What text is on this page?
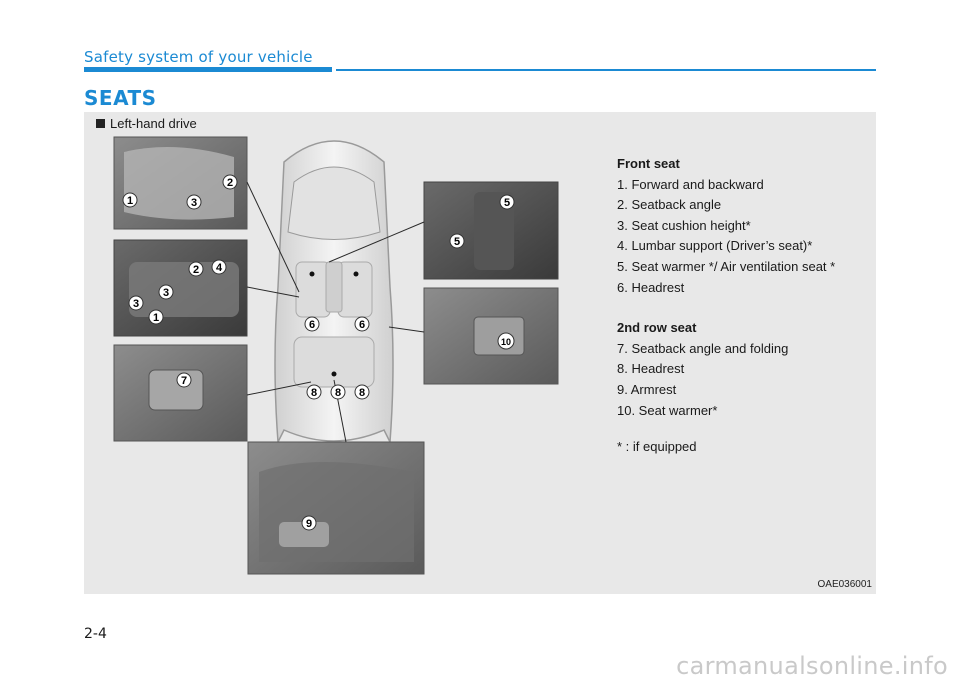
Safety system of your vehicle
SEATS
1
2
3
1
2
3
3
4
5
5
6	6
7
8 8 8
9
10
Left-hand drive
Front seat
1. Forward and backward
2. Seatback angle
3. Seat cushion height*
4. Lumbar support (Driver’s seat)*
5. Seat warmer */ Air ventilation seat *
6. Headrest
2nd row seat
7. Seatback angle and folding
8. Headrest
9. Armrest
10. Seat warmer*
* : if equipped
OAE036001
2-4
carmanualsonline.info
